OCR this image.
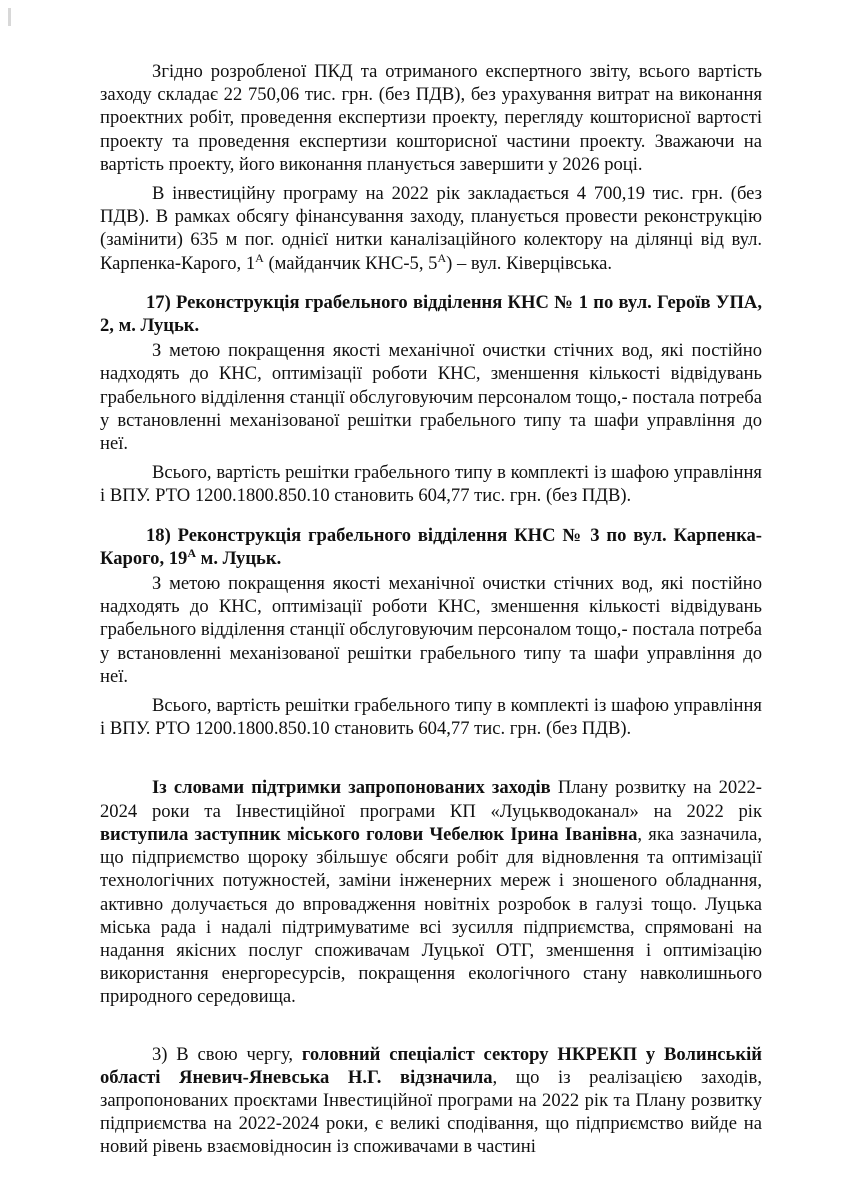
Згідно розробленої ПКД та отриманого експертного звіту, всього вартість заходу складає 22 750,06 тис. грн. (без ПДВ), без урахування витрат на виконання проектних робіт, проведення експертизи проекту, перегляду кошторисної вартості проекту та проведення експертизи кошторисної частини проекту. Зважаючи на вартість проекту, його виконання планується завершити у 2026 році.

В інвестиційну програму на 2022 рік закладається 4 700,19 тис. грн. (без ПДВ). В рамках обсягу фінансування заходу, планується провести реконструкцію (замінити) 635 м пог. однієї нитки каналізаційного колектору на ділянці від вул. Карпенка-Карого, $1^А$ (майданчик КНС-5, $5^А$) – вул. Ківерцівська.

17) Реконструкція грабельного відділення КНС № 1 по вул. Героїв УПА, 2, м. Луцьк.

З метою покращення якості механічної очистки стічних вод, які постійно надходять до КНС, оптимізації роботи КНС, зменшення кількості відвідувань грабельного відділення станції обслуговуючим персоналом тощо,- постала потреба у встановленні механізованої решітки грабельного типу та шафи управління до неї.

Всього, вартість решітки грабельного типу в комплекті із шафою управління і ВПУ. РТО 1200.1800.850.10 становить 604,77 тис. грн. (без ПДВ).

18) Реконструкція грабельного відділення КНС № 3 по вул. Карпенка-Карого, $19^А$ м. Луцьк.

З метою покращення якості механічної очистки стічних вод, які постійно надходять до КНС, оптимізації роботи КНС, зменшення кількості відвідувань грабельного відділення станції обслуговуючим персоналом тощо,- постала потреба у встановленні механізованої решітки грабельного типу та шафи управління до неї.

Всього, вартість решітки грабельного типу в комплекті із шафою управління і ВПУ. РТО 1200.1800.850.10 становить 604,77 тис. грн. (без ПДВ).

Із словами підтримки запропонованих заходів Плану розвитку на 2022-2024 роки та Інвестиційної програми КП «Луцькводоканал» на 2022 рік виступила заступник міського голови Чебелюк Ірина Іванівна, яка зазначила, що підприємство щороку збільшує обсяги робіт для відновлення та оптимізації технологічних потужностей, заміни інженерних мереж і зношеного обладнання, активно долучається до впровадження новітніх розробок в галузі тощо. Луцька міська рада і надалі підтримуватиме всі зусилля підприємства, спрямовані на надання якісних послуг споживачам Луцької ОТГ, зменшення і оптимізацію використання енергоресурсів, покращення екологічного стану навколишнього природного середовища.

3) В свою чергу, головний спеціаліст сектору НКРЕКП у Волинській області Яневич-Яневська Н.Г. відзначила, що із реалізацією заходів, запропонованих проєктами Інвестиційної програми на 2022 рік та Плану розвитку підприємства на 2022-2024 роки, є великі сподівання, що підприємство вийде на новий рівень взаємовідносин із споживачами в частині
